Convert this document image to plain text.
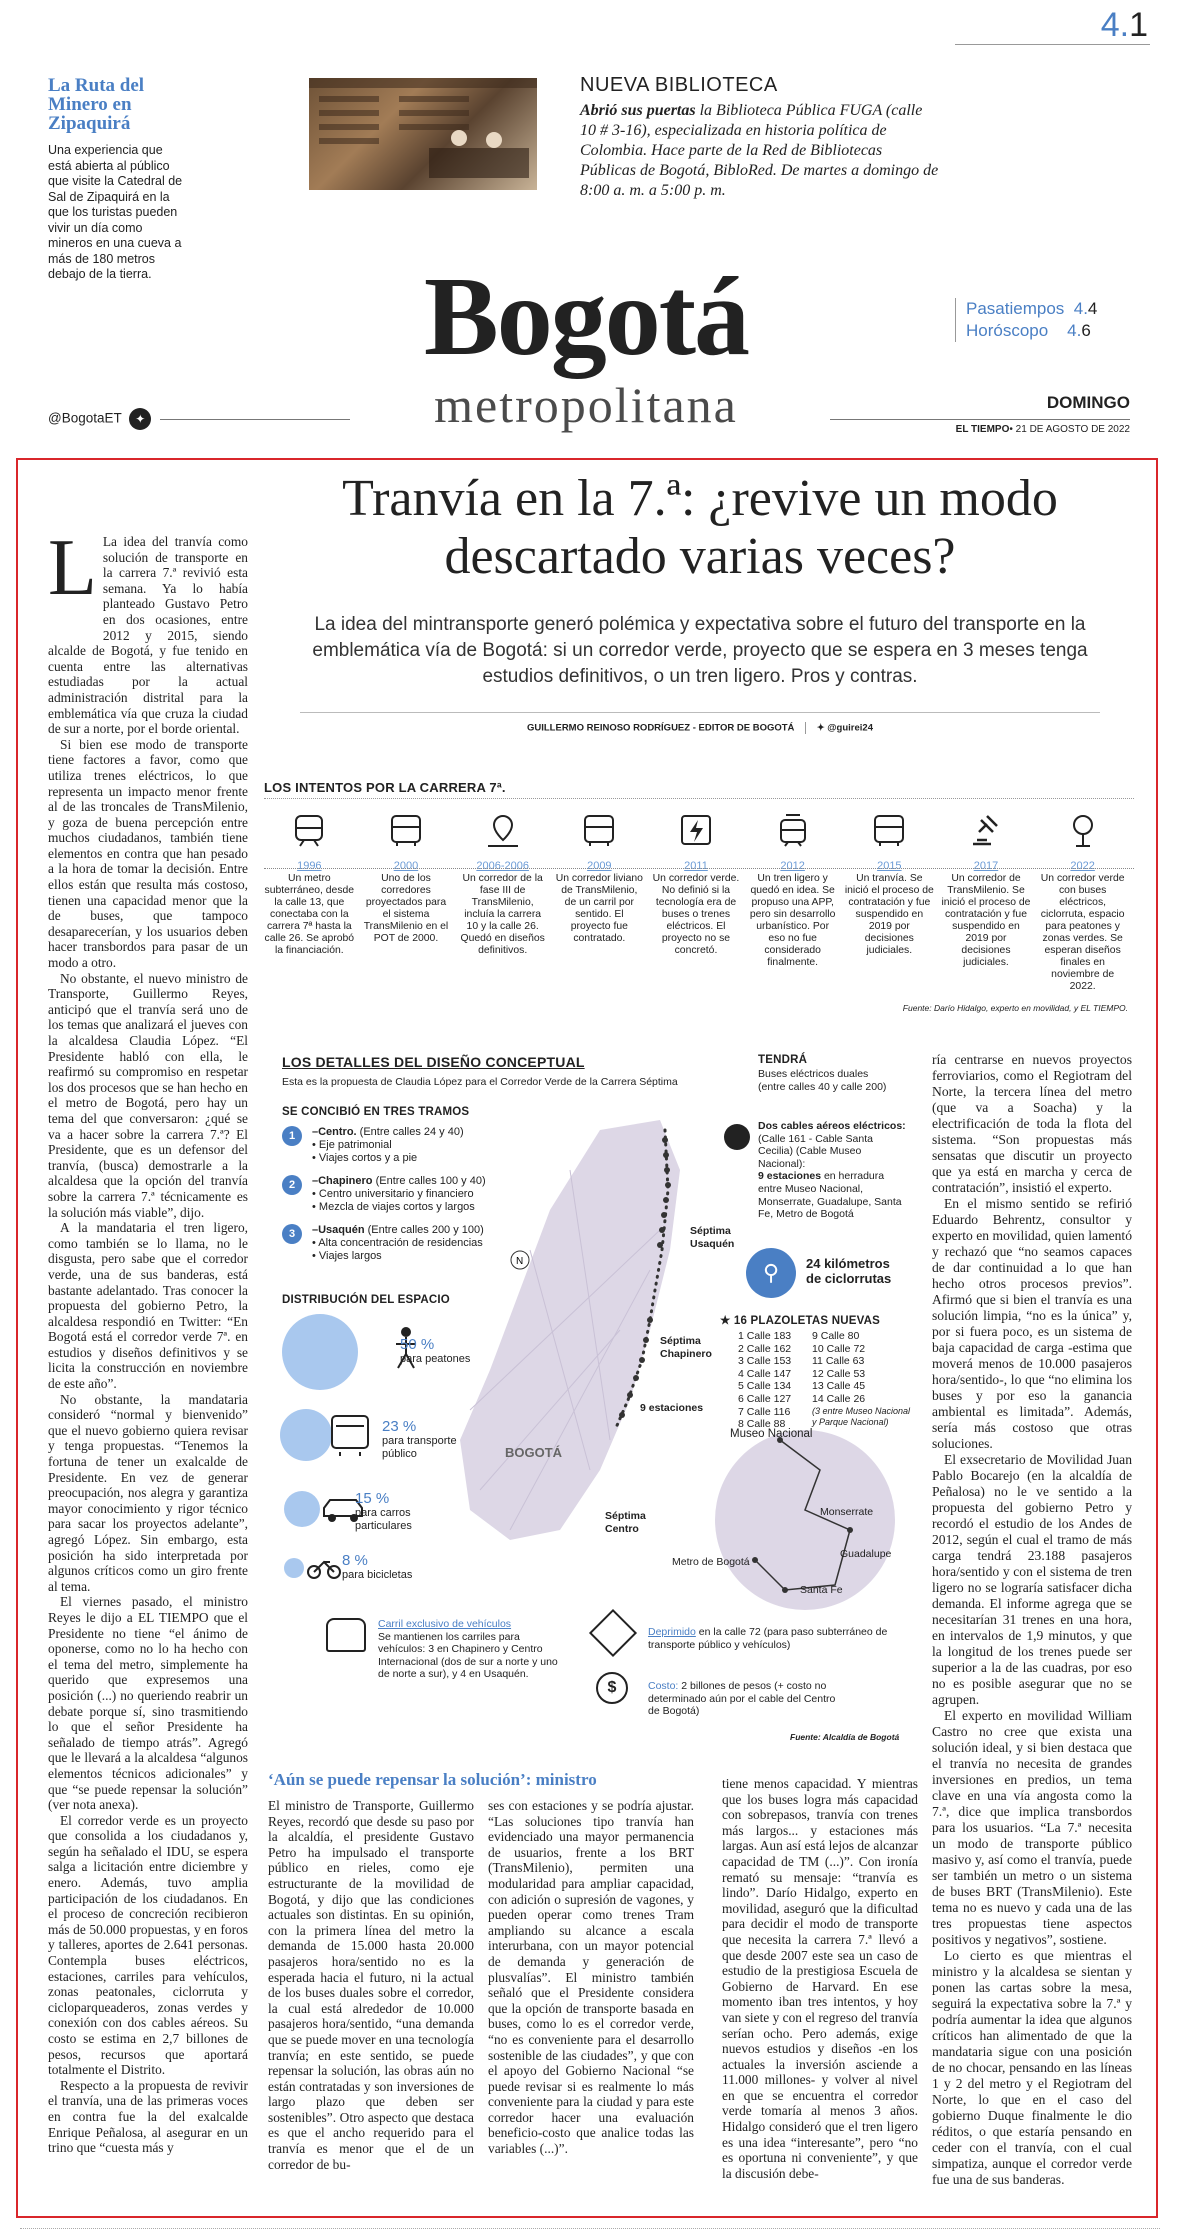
4.1
La Ruta del Minero en Zipaquirá
Una experiencia que está abierta al público que visite la Catedral de Sal de Zipaquirá en la que los turistas pueden vivir un día como mineros en una cueva a más de 180 metros debajo de la tierra.
NUEVA BIBLIOTECA
Abrió sus puertas la Biblioteca Pública FUGA (calle 10 # 3-16), especializada en historia política de Colombia. Hace parte de la Red de Bibliotecas Públicas de Bogotá, BibloRed. De martes a domingo de 8:00 a. m. a 5:00 p. m.
Bogotá
metropolitana
Pasatiempos 4.4
Horóscopo 4.6
@BogotaET ✦
DOMINGO
EL TIEMPO• 21 DE AGOSTO DE 2022
Tranvía en la 7.ª: ¿revive un modo descartado varias veces?
La idea del mintransporte generó polémica y expectativa sobre el futuro del transporte en la emblemática vía de Bogotá: si un corredor verde, proyecto que se espera en 3 meses tenga estudios definitivos, o un tren ligero. Pros y contras.
GUILLERMO REINOSO RODRÍGUEZ - EDITOR DE BOGOTÁ ✦ @guirei24
L La idea del tranvía como solución de transporte en la carrera 7.ª revivió esta semana. Ya lo había planteado Gustavo Petro en dos ocasiones, entre 2012 y 2015, siendo alcalde de Bogotá, y fue tenido en cuenta entre las alternativas estudiadas por la actual administración distrital para la emblemática vía que cruza la ciudad de sur a norte, por el borde oriental.

Si bien ese modo de transporte tiene factores a favor, como que utiliza trenes eléctricos, lo que representa un impacto menor frente al de las troncales de TransMilenio, y goza de buena percepción entre muchos ciudadanos, también tiene elementos en contra que han pesado a la hora de tomar la decisión. Entre ellos están que resulta más costoso, tienen una capacidad menor que la de buses, que tampoco desaparecerían, y los usuarios deben hacer transbordos para pasar de un modo a otro.

No obstante, el nuevo ministro de Transporte, Guillermo Reyes, anticipó que el tranvía será uno de los temas que analizará el jueves con la alcaldesa Claudia López. “El Presidente habló con ella, le reafirmó su compromiso en respetar los dos procesos que se han hecho en el metro de Bogotá, pero hay un tema del que conversaron: ¿qué se va a hacer sobre la carrera 7.ª? El Presidente, que es un defensor del tranvía, (busca) demostrarle a la alcaldesa que la opción del tranvía sobre la carrera 7.ª técnicamente es la solución más viable”, dijo.

A la mandataria el tren ligero, como también se lo llama, no le disgusta, pero sabe que el corredor verde, una de sus banderas, está bastante adelantado. Tras conocer la propuesta del gobierno Petro, la alcaldesa respondió en Twitter: “En Bogotá está el corredor verde 7ª. en estudios y diseños definitivos y se licita la construcción en noviembre de este año”.

No obstante, la mandataria consideró “normal y bienvenido” que el nuevo gobierno quiera revisar y tenga propuestas. “Tenemos la fortuna de tener un exalcalde de Presidente. En vez de generar preocupación, nos alegra y garantiza mayor conocimiento y rigor técnico para sacar los proyectos adelante”, agregó López. Sin embargo, esta posición ha sido interpretada por algunos críticos como un giro frente al tema.

El viernes pasado, el ministro Reyes le dijo a EL TIEMPO que el Presidente no tiene “el ánimo de oponerse, como no lo ha hecho con el tema del metro, simplemente ha querido que expresemos una posición (...) no queriendo reabrir un debate porque sí, sino trasmitiendo lo que el señor Presidente ha señalado de tiempo atrás”. Agregó que le llevará a la alcaldesa “algunos elementos técnicos adicionales” y que “se puede repensar la solución” (ver nota anexa).

El corredor verde es un proyecto que consolida a los ciudadanos y, según ha señalado el IDU, se espera salga a licitación entre diciembre y enero. Además, tuvo amplia participación de los ciudadanos. En el proceso de concreción recibieron más de 50.000 propuestas, y en foros y talleres, aportes de 2.641 personas. Contempla buses eléctricos, estaciones, carriles para vehículos, zonas peatonales, ciclorruta y cicloparqueaderos, zonas verdes y conexión con dos cables aéreos. Su costo se estima en 2,7 billones de pesos, recursos que aportará totalmente el Distrito.

Respecto a la propuesta de revivir el tranvía, una de las primeras voces en contra fue la del exalcalde Enrique Peñalosa, al asegurar en un trino que “cuesta más y

LOS INTENTOS POR LA CARRERA 7ª.
1996
Un metro subterráneo, desde la calle 13, que conectaba con la carrera 7ª hasta la calle 26. Se aprobó la financiación.
2000
Uno de los corredores proyectados para el sistema TransMilenio en el POT de 2000.
2006-2006
Un corredor de la fase III de TransMilenio, incluía la carrera 10 y la calle 26. Quedó en diseños definitivos.
2009
Un corredor liviano de TransMilenio, de un carril por sentido. El proyecto fue contratado.
2011
Un corredor verde. No definió si la tecnología era de buses o trenes eléctricos. El proyecto no se concretó.
2012
Un tren ligero y quedó en idea. Se propuso una APP, pero sin desarrollo urbanístico. Por eso no fue considerado finalmente.
2015
Un tranvía. Se inició el proceso de contratación y fue suspendido en 2019 por decisiones judiciales.
2017
Un corredor de TransMilenio. Se inició el proceso de contratación y fue suspendido en 2019 por decisiones judiciales.
2022
Un corredor verde con buses eléctricos, ciclorruta, espacio para peatones y zonas verdes. Se esperan diseños finales en noviembre de 2022.
Fuente: Darío Hidalgo, experto en movilidad, y EL TIEMPO.
LOS DETALLES DEL DISEÑO CONCEPTUAL
Esta es la propuesta de Claudia López para el Corredor Verde de la Carrera Séptima
SE CONCIBIÓ EN TRES TRAMOS
1	–Centro. (Entre calles 24 y 40)
• Eje patrimonial
• Viajes cortos y a pie
2	–Chapinero (Entre calles 100 y 40)
• Centro universitario y financiero
• Mezcla de viajes cortos y largos
3	–Usaquén (Entre calles 200 y 100)
• Alta concentración de residencias
• Viajes largos
DISTRIBUCIÓN DEL ESPACIO
50 %
para peatones
23 %
para transporte público
15 %
para carros particulares
8 %
para bicicletas
N
BOGOTÁ
Séptima Usaquén
Séptima Chapinero
9 estaciones
Séptima Centro
Museo Nacional
Monserrate
Guadalupe
Santa Fe
Metro de Bogotá
TENDRÁ
Buses eléctricos duales (entre calles 40 y calle 200)
Dos cables aéreos eléctricos:
(Calle 161 - Cable Santa Cecilia) (Cable Museo Nacional):
9 estaciones en herradura entre Museo Nacional, Monserrate, Guadalupe, Santa Fe, Metro de Bogotá
⚲	24 kilómetros
de ciclorrutas
★ 16 PLAZOLETAS NUEVAS
1 Calle 183
2 Calle 162
3 Calle 153
4 Calle 147
5 Calle 134
6 Calle 127
7 Calle 116
8 Calle 88
9 Calle 80
10 Calle 72
11 Calle 63
12 Calle 53
13 Calle 45
14 Calle 26
(3 entre Museo Nacional y Parque Nacional)
Carril exclusivo de vehículos
Se mantienen los carriles para vehículos: 3 en Chapinero y Centro Internacional (dos de sur a norte y uno de norte a sur), y 4 en Usaquén.
Deprimido en la calle 72 (para paso subterráneo de transporte público y vehículos)
$	Costo: 2 billones de pesos (+ costo no determinado aún por el cable del Centro de Bogotá)
Fuente: Alcaldía de Bogotá

ría centrarse en nuevos proyectos ferroviarios, como el Regiotram del Norte, la tercera línea del metro (que va a Soacha) y la electrificación de toda la flota del sistema. “Son propuestas más sensatas que discutir un proyecto que ya está en marcha y cerca de contratación”, insistió el experto.

En el mismo sentido se refirió Eduardo Behrentz, consultor y experto en movilidad, quien lamentó y rechazó que “no seamos capaces de dar continuidad a lo que han hecho otros procesos previos”. Afirmó que si bien el tranvía es una solución limpia, “no es la única” y, por si fuera poco, es un sistema de baja capacidad de carga -estima que moverá menos de 10.000 pasajeros hora/sentido-, lo que “no elimina los buses y por eso la ganancia ambiental es limitada”. Además, sería más costoso que otras soluciones.

El exsecretario de Movilidad Juan Pablo Bocarejo (en la alcaldía de Peñalosa) no le ve sentido a la propuesta del gobierno Petro y recordó el estudio de los Andes de 2012, según el cual el tramo de más carga tendrá 23.188 pasajeros hora/sentido y con el sistema de tren ligero no se lograría satisfacer dicha demanda. El informe agrega que se necesitarían 31 trenes en una hora, en intervalos de 1,9 minutos, y que la longitud de los trenes puede ser superior a la de las cuadras, por eso no es posible asegurar que no se agrupen.

El experto en movilidad William Castro no cree que exista una solución ideal, y si bien destaca que el tranvía no necesita de grandes inversiones en predios, un tema clave en una vía angosta como la 7.ª, dice que implica transbordos para los usuarios. “La 7.ª necesita un modo de transporte público masivo y, así como el tranvía, puede ser también un metro o un sistema de buses BRT (TransMilenio). Este tema no es nuevo y cada una de las tres propuestas tiene aspectos positivos y negativos”, sostiene.

Lo cierto es que mientras el ministro y la alcaldesa se sientan y ponen las cartas sobre la mesa, seguirá la expectativa sobre la 7.ª y podría aumentar la idea que algunos críticos han alimentado de que la mandataria sigue con una posición de no chocar, pensando en las líneas 1 y 2 del metro y el Regiotram del Norte, lo que en el caso del gobierno Duque finalmente le dio réditos, o que estaría pensando en ceder con el tranvía, con el cual simpatiza, aunque el corredor verde fue una de sus banderas.

‘Aún se puede repensar la solución’: ministro
El ministro de Transporte, Guillermo Reyes, recordó que desde su paso por la alcaldía, el presidente Gustavo Petro ha impulsado el transporte público en rieles, como eje estructurante de la movilidad de Bogotá, y dijo que las condiciones actuales son distintas. En su opinión, con la primera línea del metro la demanda de 15.000 hasta 20.000 pasajeros hora/sentido no es la esperada hacia el futuro, ni la actual de los buses duales sobre el corredor, la cual está alrededor de 10.000 pasajeros hora/sentido, “una demanda que se puede mover en una tecnología tranvía; en este sentido, se puede repensar la solución, las obras aún no están contratadas y son inversiones de largo plazo que deben ser sostenibles”. Otro aspecto que destaca es que el ancho requerido para el tranvía es menor que el de un corredor de bu-
ses con estaciones y se podría ajustar. “Las soluciones tipo tranvía han evidenciado una mayor permanencia de usuarios, frente a los BRT (TransMilenio), permiten una modularidad para ampliar capacidad, con adición o supresión de vagones, y pueden operar como trenes Tram ampliando su alcance a escala interurbana, con un mayor potencial de demanda y generación de plusvalías”. El ministro también señaló que el Presidente considera que la opción de transporte basada en buses, como lo es el corredor verde, “no es conveniente para el desarrollo sostenible de las ciudades”, y que con el apoyo del Gobierno Nacional “se puede revisar si es realmente lo más conveniente para la ciudad y para este corredor hacer una evaluación beneficio-costo que analice todas las variables (...)”.
tiene menos capacidad. Y mientras que los buses logra más capacidad con sobrepasos, tranvía con trenes más largos... y estaciones más largas. Aun así está lejos de alcanzar capacidad de TM (...)”. Con ironía remató su mensaje: “tranvía es lindo”. Darío Hidalgo, experto en movilidad, aseguró que la dificultad para decidir el modo de transporte que necesita la carrera 7.ª llevó a que desde 2007 este sea un caso de estudio de la prestigiosa Escuela de Gobierno de Harvard. En ese momento iban tres intentos, y hoy van siete y con el regreso del tranvía serían ocho. Pero además, exige nuevos estudios y diseños -en los actuales la inversión asciende a 11.000 millones- y volver al nivel en que se encuentra el corredor verde tomaría al menos 3 años. Hidalgo consideró que el tren ligero es una idea “interesante”, pero “no es oportuna ni conveniente”, y que la discusión debe-
